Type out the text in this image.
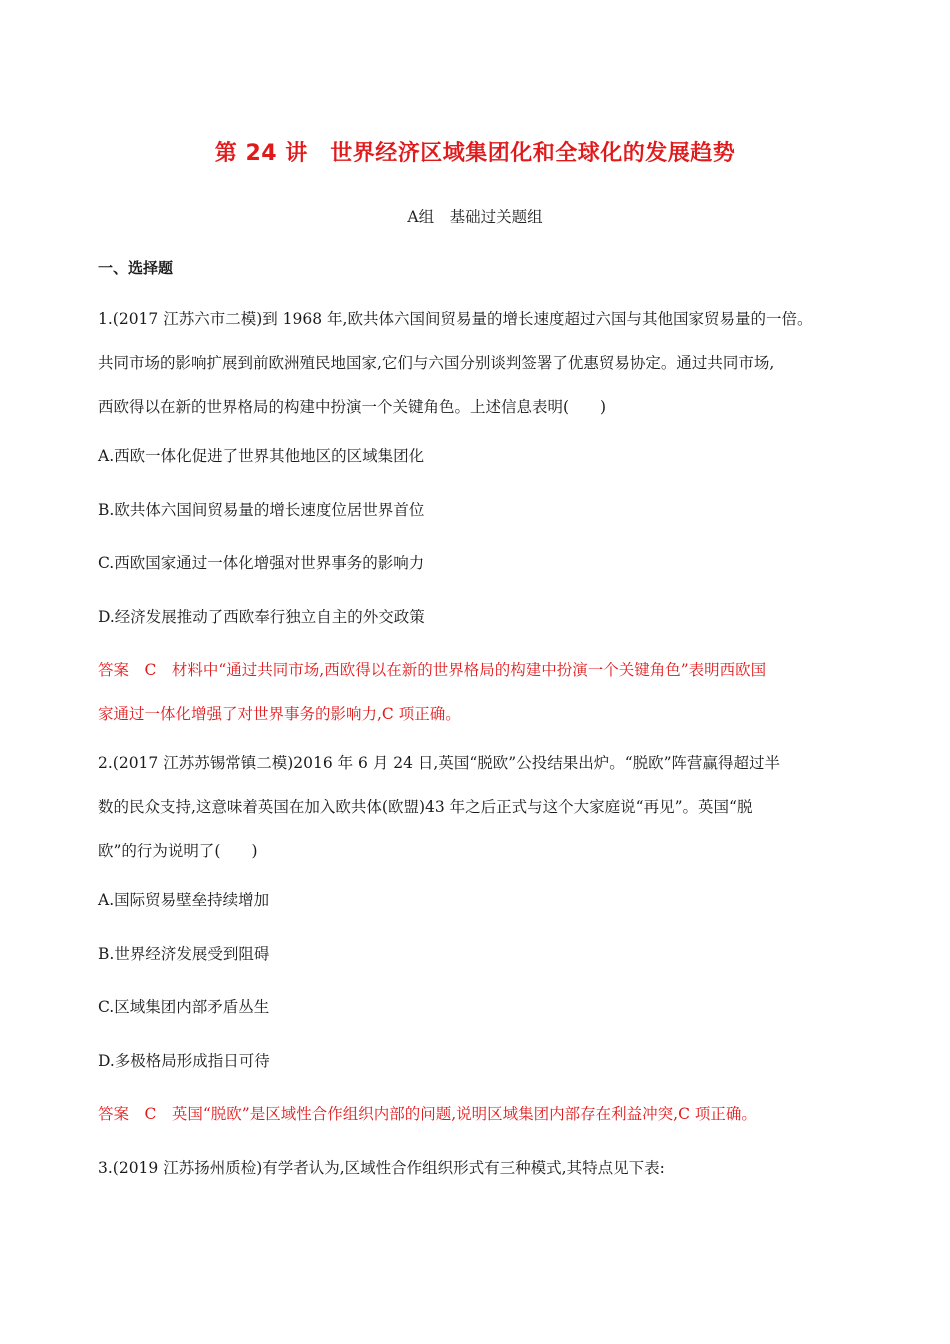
第 24 讲　世界经济区域集团化和全球化的发展趋势
A组　基础过关题组
一、选择题
1.(2017 江苏六市二模)到 1968 年,欧共体六国间贸易量的增长速度超过六国与其他国家贸易量的一倍。
共同市场的影响扩展到前欧洲殖民地国家,它们与六国分别谈判签署了优惠贸易协定。通过共同市场,
西欧得以在新的世界格局的构建中扮演一个关键角色。上述信息表明(　　)
A.西欧一体化促进了世界其他地区的区域集团化
B.欧共体六国间贸易量的增长速度位居世界首位
C.西欧国家通过一体化增强对世界事务的影响力
D.经济发展推动了西欧奉行独立自主的外交政策
答案　C　材料中“通过共同市场,西欧得以在新的世界格局的构建中扮演一个关键角色”表明西欧国
家通过一体化增强了对世界事务的影响力,C 项正确。
2.(2017 江苏苏锡常镇二模)2016 年 6 月 24 日,英国“脱欧”公投结果出炉。“脱欧”阵营赢得超过半
数的民众支持,这意味着英国在加入欧共体(欧盟)43 年之后正式与这个大家庭说“再见”。英国“脱
欧”的行为说明了(　　)
A.国际贸易壁垒持续增加
B.世界经济发展受到阻碍
C.区域集团内部矛盾丛生
D.多极格局形成指日可待
答案　C　英国“脱欧”是区域性合作组织内部的问题,说明区域集团内部存在利益冲突,C 项正确。
3.(2019 江苏扬州质检)有学者认为,区域性合作组织形式有三种模式,其特点见下表:
